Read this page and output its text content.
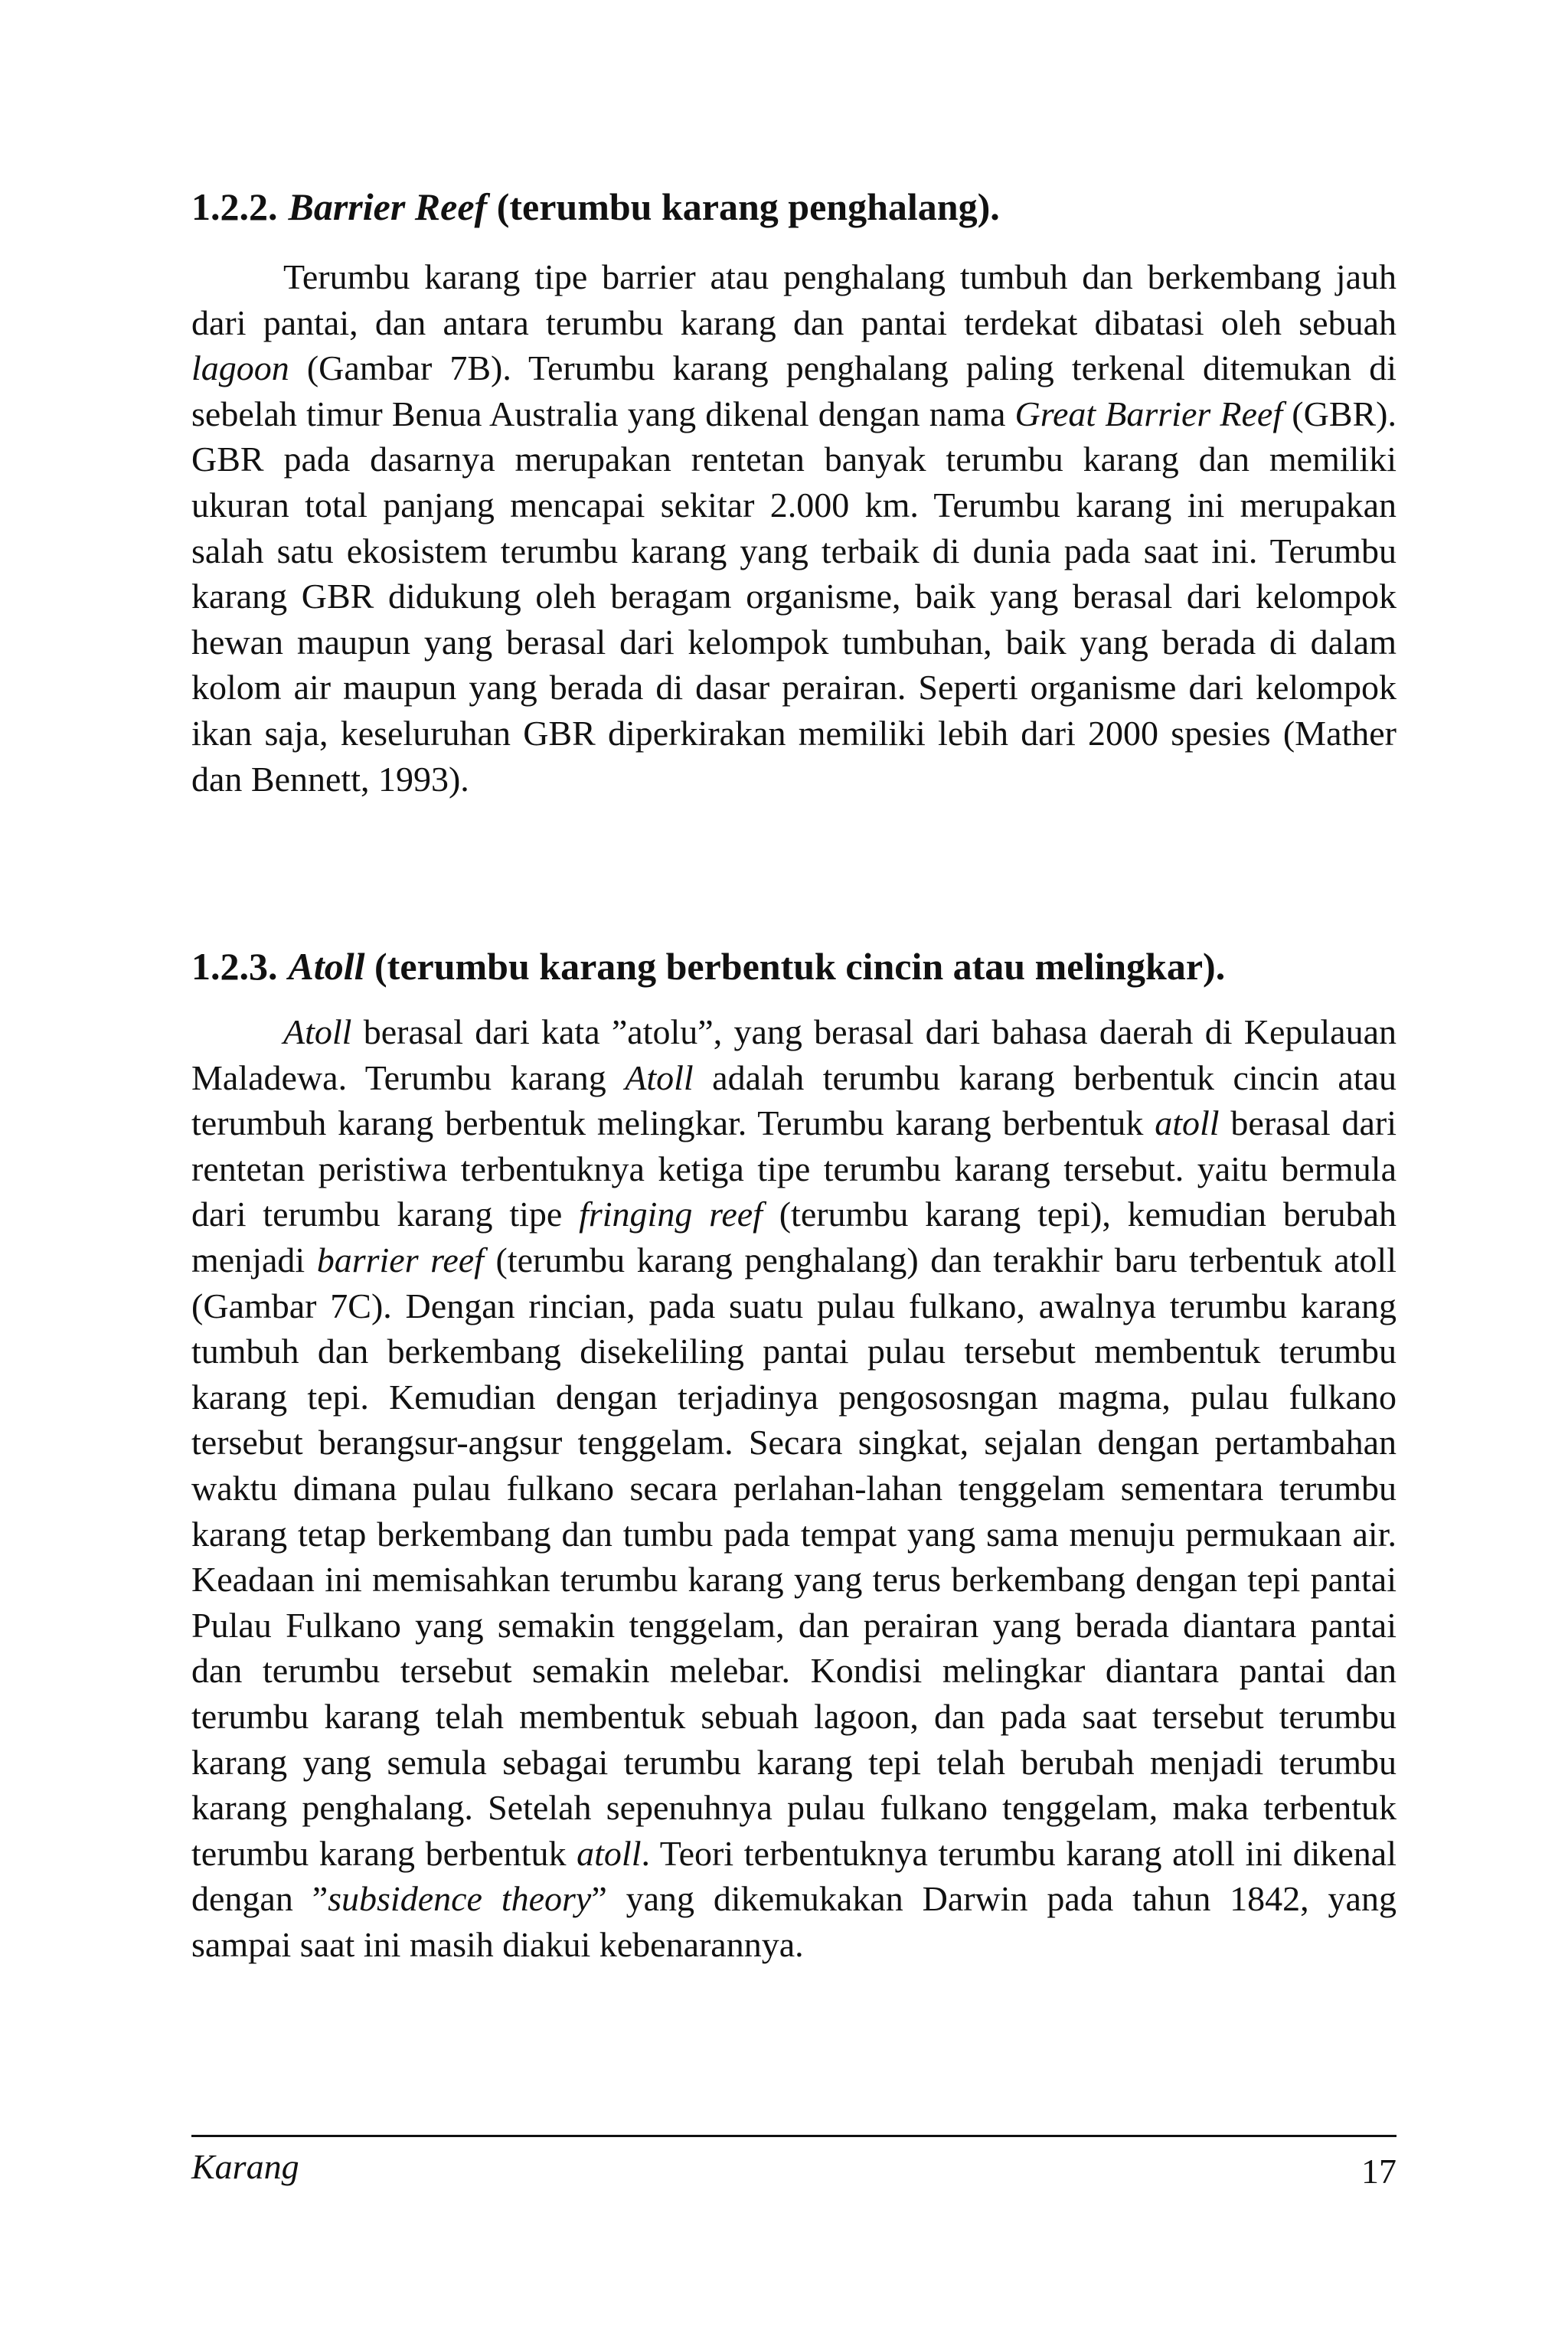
1.2.2. Barrier Reef (terumbu karang penghalang).

Terumbu karang tipe barrier atau penghalang tumbuh dan berkembang jauh dari pantai, dan antara terumbu karang dan pantai terdekat dibatasi oleh sebuah lagoon (Gambar 7B). Terumbu karang penghalang paling terkenal ditemukan di sebelah timur Benua Australia yang dikenal dengan nama Great Barrier Reef (GBR). GBR pada dasarnya merupakan rentetan banyak terumbu karang dan memiliki ukuran total panjang mencapai sekitar 2.000 km. Terumbu karang ini merupakan salah satu ekosistem terumbu karang yang terbaik di dunia pada saat ini. Terumbu karang GBR didukung oleh beragam organisme, baik yang berasal dari kelompok hewan maupun yang berasal dari kelompok tumbuhan, baik yang berada di dalam kolom air maupun yang berada di dasar perairan. Seperti organisme dari kelompok ikan saja, keseluruhan GBR diperkirakan memiliki lebih dari 2000 spesies (Mather dan Bennett, 1993).

1.2.3. Atoll (terumbu karang berbentuk cincin atau melingkar).

Atoll berasal dari kata ”atolu”, yang berasal dari bahasa daerah di Kepulauan Maladewa. Terumbu karang Atoll adalah terumbu karang berbentuk cincin atau terumbuh karang berbentuk melingkar. Terumbu karang berbentuk atoll berasal dari rentetan peristiwa terbentuknya ketiga tipe terumbu karang tersebut. yaitu bermula dari terumbu karang tipe fringing reef (terumbu karang tepi), kemudian berubah menjadi barrier reef (terumbu karang penghalang) dan terakhir baru terbentuk atoll (Gambar 7C). Dengan rincian, pada suatu pulau fulkano, awalnya terumbu karang tumbuh dan berkembang disekeliling pantai pulau tersebut membentuk terumbu karang tepi. Kemudian dengan terjadinya pengososngan magma, pulau fulkano tersebut berangsur-angsur tenggelam. Secara singkat, sejalan dengan pertambahan waktu dimana pulau fulkano secara perlahan-lahan tenggelam sementara terumbu karang tetap berkembang dan tumbu pada tempat yang sama menuju permukaan air. Keadaan ini memisahkan terumbu karang yang terus berkembang dengan tepi pantai Pulau Fulkano yang semakin tenggelam, dan perairan yang berada diantara pantai dan terumbu tersebut semakin melebar. Kondisi melingkar diantara pantai dan terumbu karang telah membentuk sebuah lagoon, dan pada saat tersebut terumbu karang yang semula sebagai terumbu karang tepi telah berubah menjadi terumbu karang penghalang. Setelah sepenuhnya pulau fulkano tenggelam, maka terbentuk terumbu karang berbentuk atoll. Teori terbentuknya terumbu karang atoll ini dikenal dengan ”subsidence theory” yang dikemukakan Darwin pada tahun 1842, yang sampai saat ini masih diakui kebenarannya.

Karang	17
